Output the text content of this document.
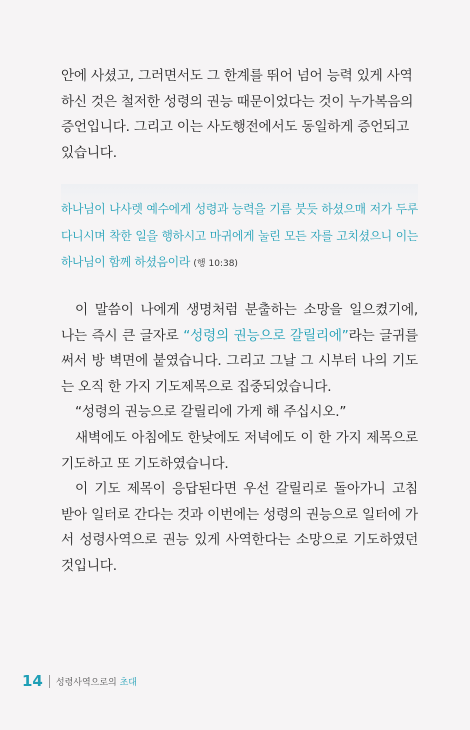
안에 사셨고, 그러면서도 그 한계를 뛰어 넘어 능력 있게 사역

하신 것은 철저한 성령의 권능 때문이었다는 것이 누가복음의

증언입니다. 그리고 이는 사도행전에서도 동일하게 증언되고

있습니다.

하나님이 나사렛 예수에게 성령과 능력을 기름 붓듯 하셨으매 저가 두루 다니시며 착한 일을 행하시고 마귀에게 눌린 모든 자를 고치셨으니 이는 하나님이 함께 하셨음이라 (행 10:38)

이 말씀이 나에게 생명처럼 분출하는 소망을 일으켰기에, 나는 즉시 큰 글자로 “성령의 권능으로 갈릴리에”라는 글귀를 써서 방 벽면에 붙였습니다. 그리고 그날 그 시부터 나의 기도는 오직 한 가지 기도제목으로 집중되었습니다.

“성령의 권능으로 갈릴리에 가게 해 주십시오.”

새벽에도 아침에도 한낮에도 저녁에도 이 한 가지 제목으로 기도하고 또 기도하였습니다.

이 기도 제목이 응답된다면 우선 갈릴리로 돌아가니 고침 받아 일터로 간다는 것과 이번에는 성령의 권능으로 일터에 가서 성령사역으로 권능 있게 사역한다는 소망으로 기도하였던 것입니다.

14 성령사역으로의 초대
